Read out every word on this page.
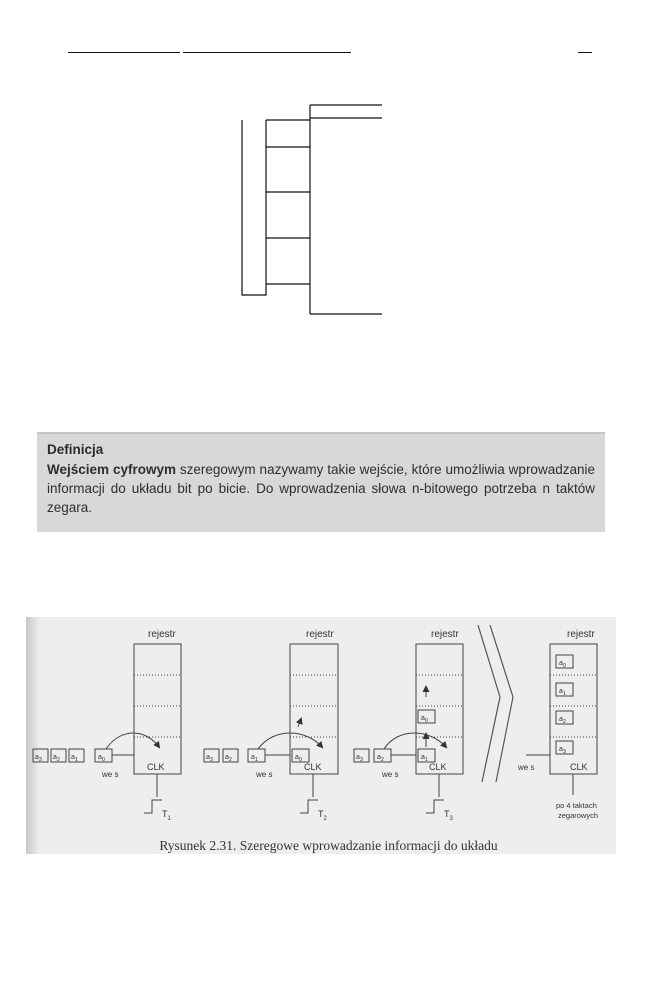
Definicja
Wejściem cyfrowym szeregowym nazywamy takie wejście, które umożliwia wprowadzanie informacji do układu bit po bicie. Do wprowadzenia słowa n-bitowego potrzeba n taktów zegara.
rejestr
CLK
$a_3$ $a_2$ $a_1$	$a_0$
we s
$T_1$
rejestr
CLK
$a_3$ $a_2$	$a_1$	$a_0$
we s
$T_2$
rejestr
CLK
$a_3$ $a_2$	$a_1$
$a_0$
we s
$T_3$
rejestr
CLK
$a_0$
$a_1$
$a_2$
$a_3$
we s
po 4 taktach
zegarowych
Rysunek 2.31. Szeregowe wprowadzanie informacji do układu
